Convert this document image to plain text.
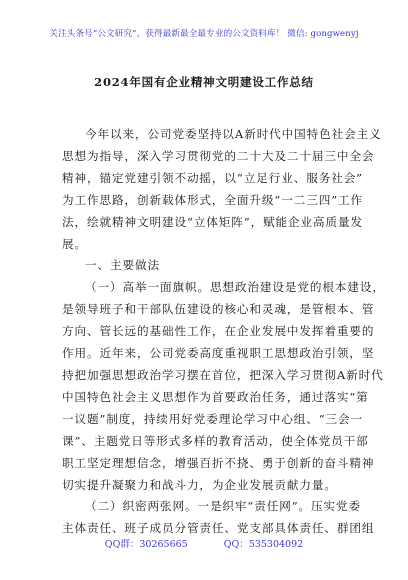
关注头条号“公文研究”，获得最新最全最专业的公文资料库！ 微信: gongwenyj
2024年国有企业精神文明建设工作总结

今年以来，公司党委坚持以A新时代中国特色社会主义

思想为指导，深入学习贯彻党的二十大及二十届三中全会

精神，锚定党建引领不动摇，以“立足行业、服务社会”

为工作思路，创新载体形式，全面升级“一二三四”工作

法，绘就精神文明建设“立体矩阵”，赋能企业高质量发

展。

一、主要做法

（一）高举一面旗帜。思想政治建设是党的根本建设，

是领导班子和干部队伍建设的核心和灵魂，是管根本、管

方向、管长远的基础性工作，在企业发展中发挥着重要的

作用。近年来，公司党委高度重视职工思想政治引领，坚

持把加强思想政治学习摆在首位，把深入学习贯彻A新时代

中国特色社会主义思想作为首要政治任务，通过落实“第

一议题”制度，持续用好党委理论学习中心组、“三会一

课”、主题党日等形式多样的教育活动，使全体党员干部

职工坚定理想信念，增强百折不挠、勇于创新的奋斗精神

切实提升凝聚力和战斗力，为企业发展贡献力量。

（二）织密两张网。一是织牢“责任网”。压实党委

主体责任、班子成员分管责任、党支部具体责任、群团组

QQ群：30265665	QQ：535304092
